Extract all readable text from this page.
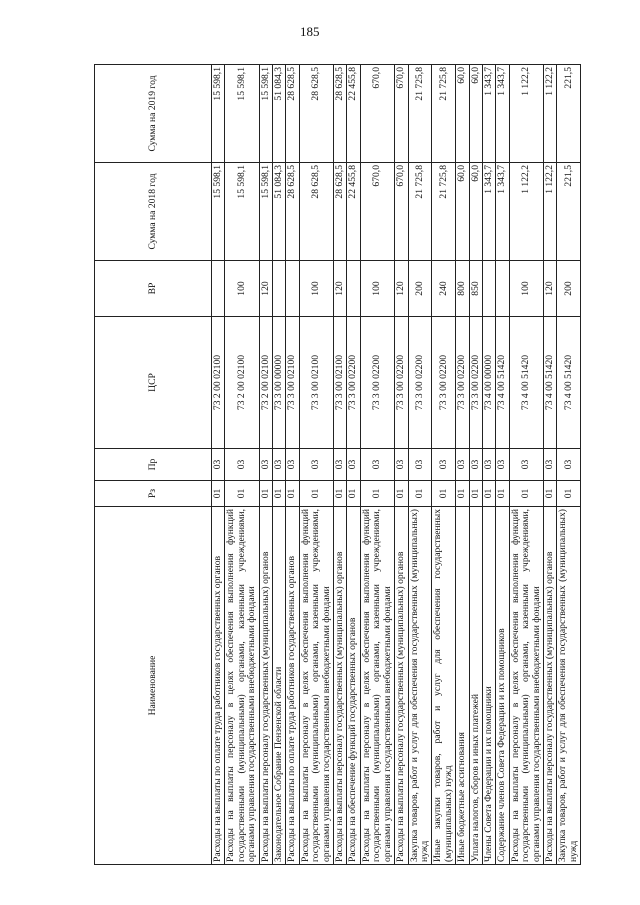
185
Наименование	Рз	Пр	ЦСР	ВР	Сумма на 2018 год	Сумма на 2019 год
Расходы на выплаты по оплате труда работников государственных органов	01	03	73 2 00 02100		15 598,1	15 598,1
Расходы на выплаты персоналу в целях обеспечения выполнения функций государственными (муниципальными) органами, казенными учреждениями, органами управления государственными внебюджетными фондами	01	03	73 2 00 02100	100	15 598,1	15 598,1
Расходы на выплаты персоналу государственных (муниципальных) органов	01	03	73 2 00 02100	120	15 598,1	15 598,1
Законодательное Собрание Пензенской области	01	03	73 3 00 00000		51 084,3	51 084,3
Расходы на выплаты по оплате труда работников государственных органов	01	03	73 3 00 02100		28 628,5	28 628,5
Расходы на выплаты персоналу в целях обеспечения выполнения функций государственными (муниципальными) органами, казенными учреждениями, органами управления государственными внебюджетными фондами	01	03	73 3 00 02100	100	28 628,5	28 628,5
Расходы на выплаты персоналу государственных (муниципальных) органов	01	03	73 3 00 02100	120	28 628,5	28 628,5
Расходы на обеспечение функций государственных органов	01	03	73 3 00 02200		22 455,8	22 455,8
Расходы на выплаты персоналу в целях обеспечения выполнения функций государственными (муниципальными) органами, казенными учреждениями, органами управления государственными внебюджетными фондами	01	03	73 3 00 02200	100	670,0	670,0
Расходы на выплаты персоналу государственных (муниципальных) органов	01	03	73 3 00 02200	120	670,0	670,0
Закупка товаров, работ и услуг для обеспечения государственных (муниципальных) нужд	01	03	73 3 00 02200	200	21 725,8	21 725,8
Иные закупки товаров, работ и услуг для обеспечения государственных (муниципальных) нужд	01	03	73 3 00 02200	240	21 725,8	21 725,8
Иные бюджетные ассигнования	01	03	73 3 00 02200	800	60,0	60,0
Уплата налогов, сборов и иных платежей	01	03	73 3 00 02200	850	60,0	60,0
Члены Совета Федерации и их помощники	01	03	73 4 00 00000		1 343,7	1 343,7
Содержание членов Совета Федерации и их помощников	01	03	73 4 00 51420		1 343,7	1 343,7
Расходы на выплаты персоналу в целях обеспечения выполнения функций государственными (муниципальными) органами, казенными учреждениями, органами управления государственными внебюджетными фондами	01	03	73 4 00 51420	100	1 122,2	1 122,2
Расходы на выплаты персоналу государственных (муниципальных) органов	01	03	73 4 00 51420	120	1 122,2	1 122,2
Закупка товаров, работ и услуг для обеспечения государственных (муниципальных) нужд	01	03	73 4 00 51420	200	221,5	221,5
